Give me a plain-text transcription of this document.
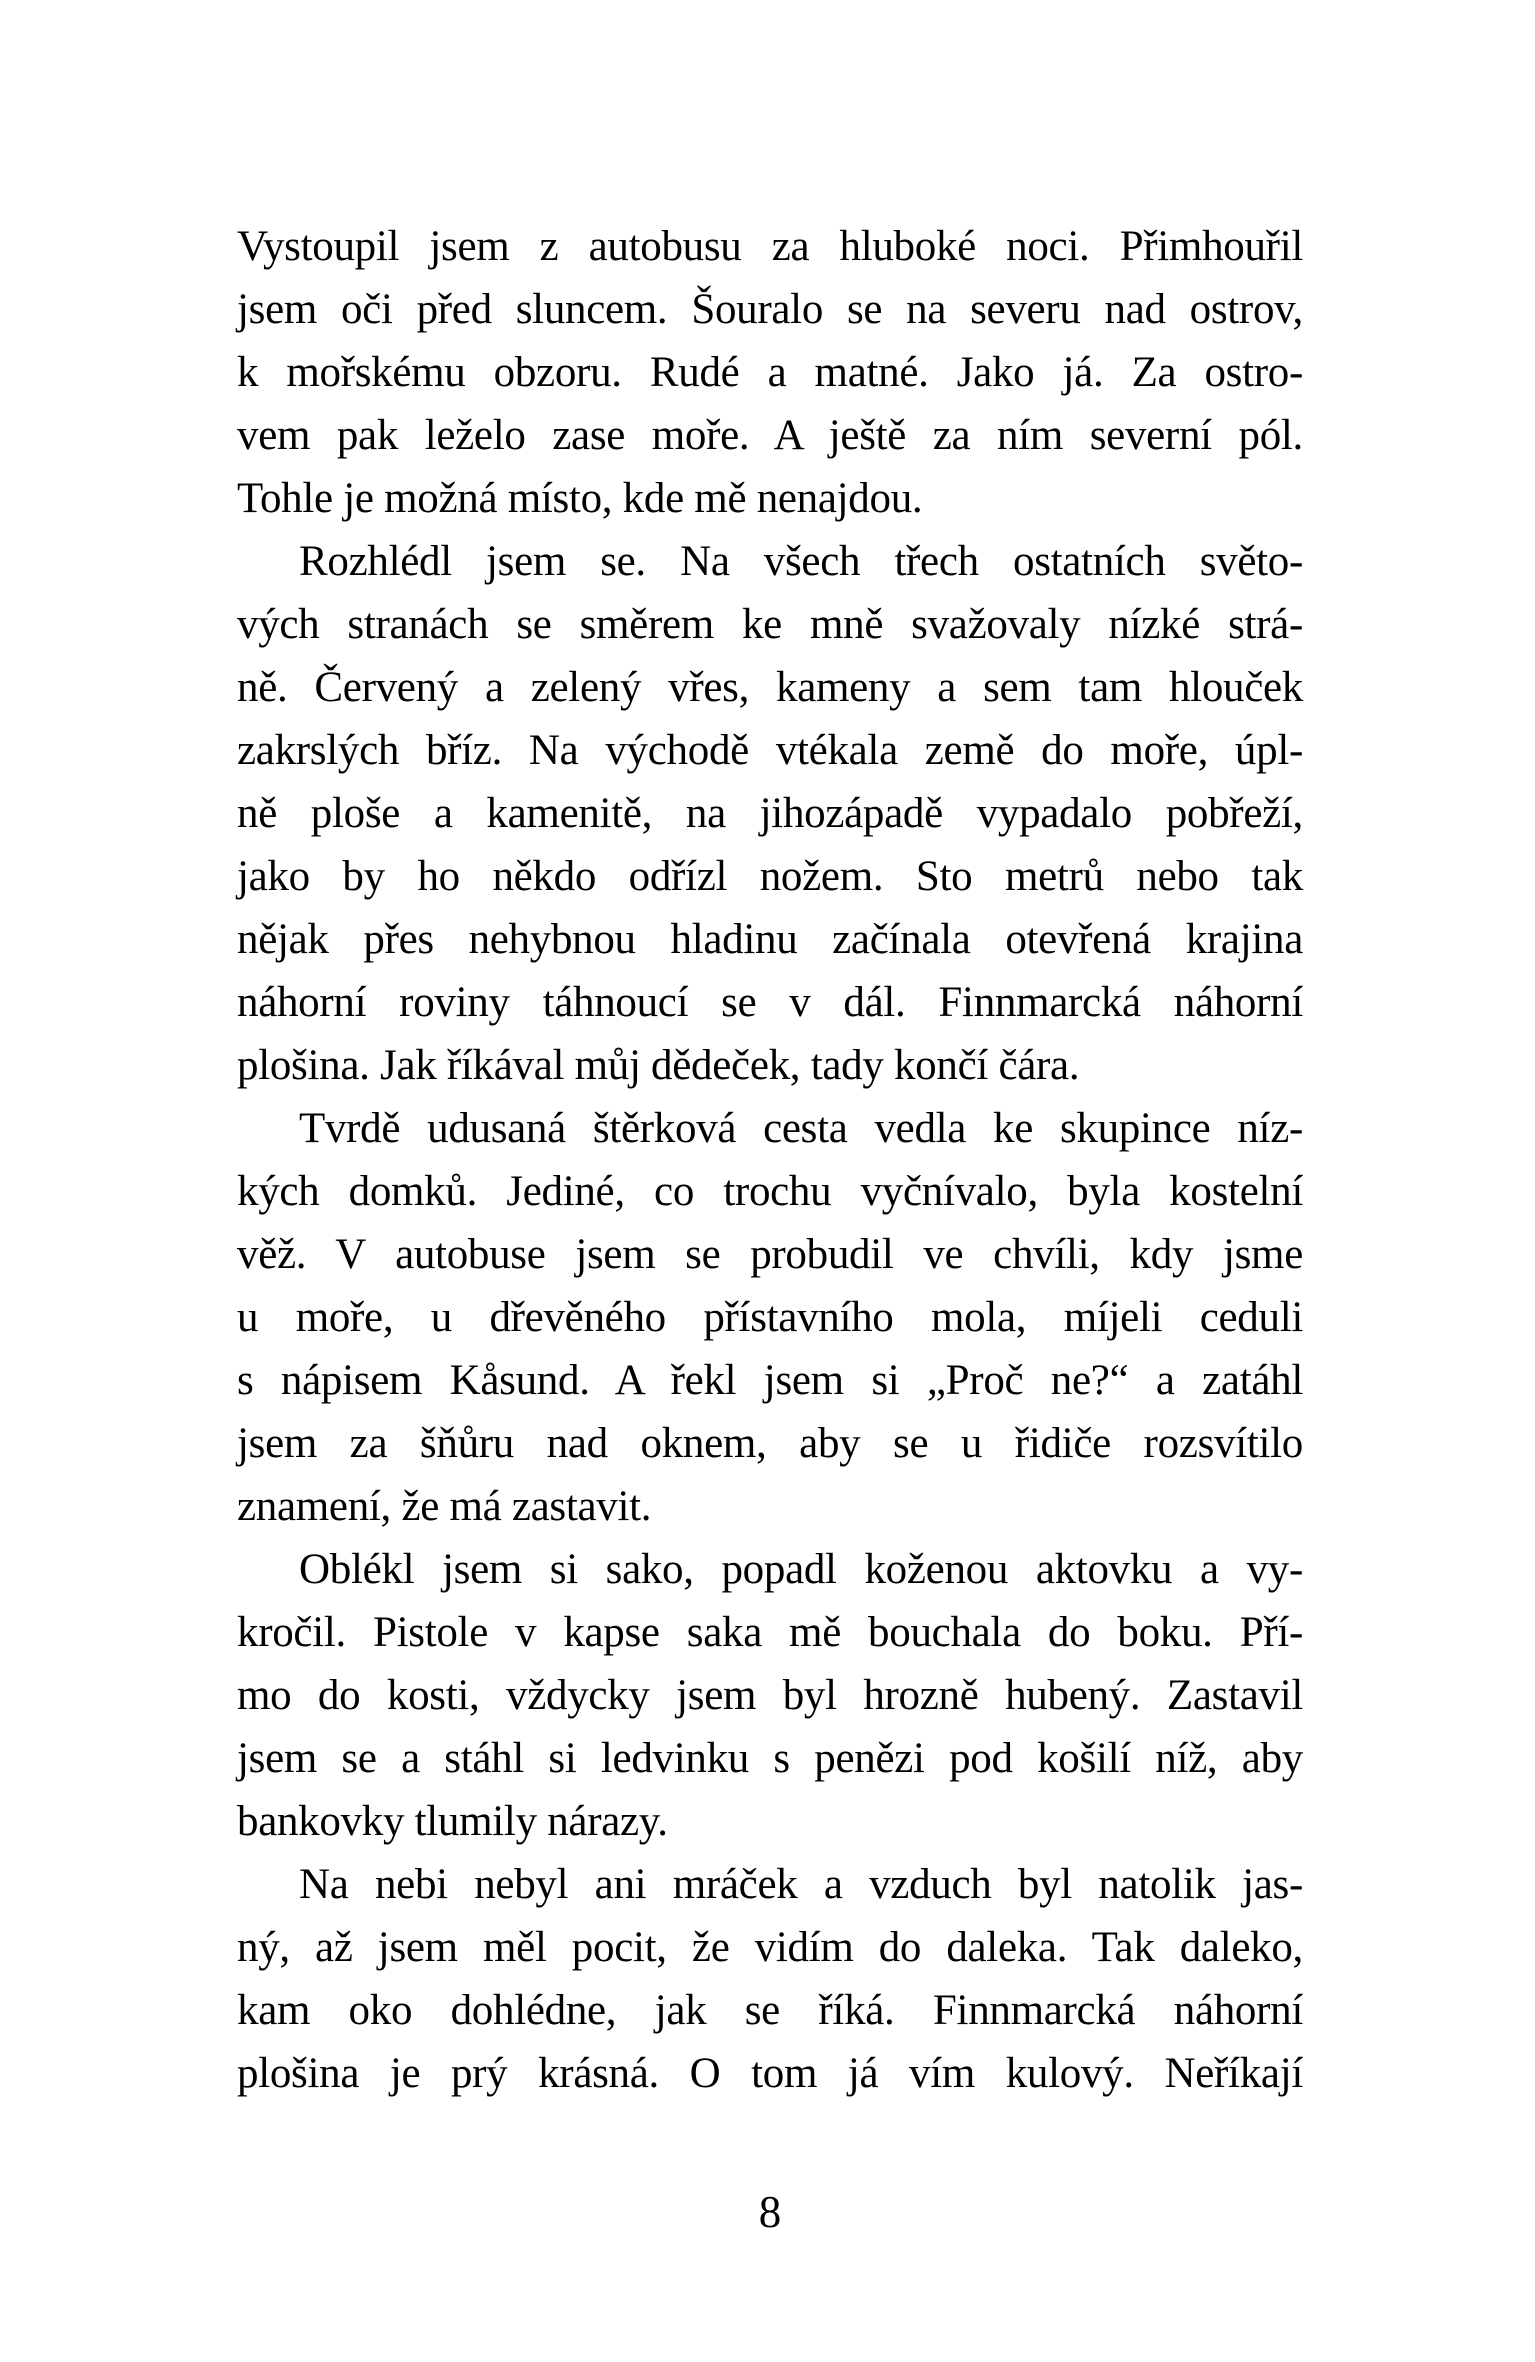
Vystoupil jsem z autobusu za hluboké noci. Přimhouřil
jsem oči před sluncem. Šouralo se na severu nad ostrov,
k mořskému obzoru. Rudé a matné. Jako já. Za ostro-
vem pak leželo zase moře. A ještě za ním severní pól.
Tohle je možná místo, kde mě nenajdou.
Rozhlédl jsem se. Na všech třech ostatních světo-
vých stranách se směrem ke mně svažovaly nízké strá-
ně. Červený a zelený vřes, kameny a sem tam hlouček
zakrslých bříz. Na východě vtékala země do moře, úpl-
ně ploše a kamenitě, na jihozápadě vypadalo pobřeží,
jako by ho někdo odřízl nožem. Sto metrů nebo tak
nějak přes nehybnou hladinu začínala otevřená krajina
náhorní roviny táhnoucí se v dál. Finnmarcká náhorní
plošina. Jak říkával můj dědeček, tady končí čára.
Tvrdě udusaná štěrková cesta vedla ke skupince níz-
kých domků. Jediné, co trochu vyčnívalo, byla kostelní
věž. V autobuse jsem se probudil ve chvíli, kdy jsme
u moře, u dřevěného přístavního mola, míjeli ceduli
s nápisem Kåsund. A řekl jsem si „Proč ne?“ a zatáhl
jsem za šňůru nad oknem, aby se u řidiče rozsvítilo
znamení, že má zastavit.
Oblékl jsem si sako, popadl koženou aktovku a vy-
kročil. Pistole v kapse saka mě bouchala do boku. Pří-
mo do kosti, vždycky jsem byl hrozně hubený. Zastavil
jsem se a stáhl si ledvinku s penězi pod košilí níž, aby
bankovky tlumily nárazy.
Na nebi nebyl ani mráček a vzduch byl natolik jas-
ný, až jsem měl pocit, že vidím do daleka. Tak daleko,
kam oko dohlédne, jak se říká. Finnmarcká náhorní
plošina je prý krásná. O tom já vím kulový. Neříkají
8
